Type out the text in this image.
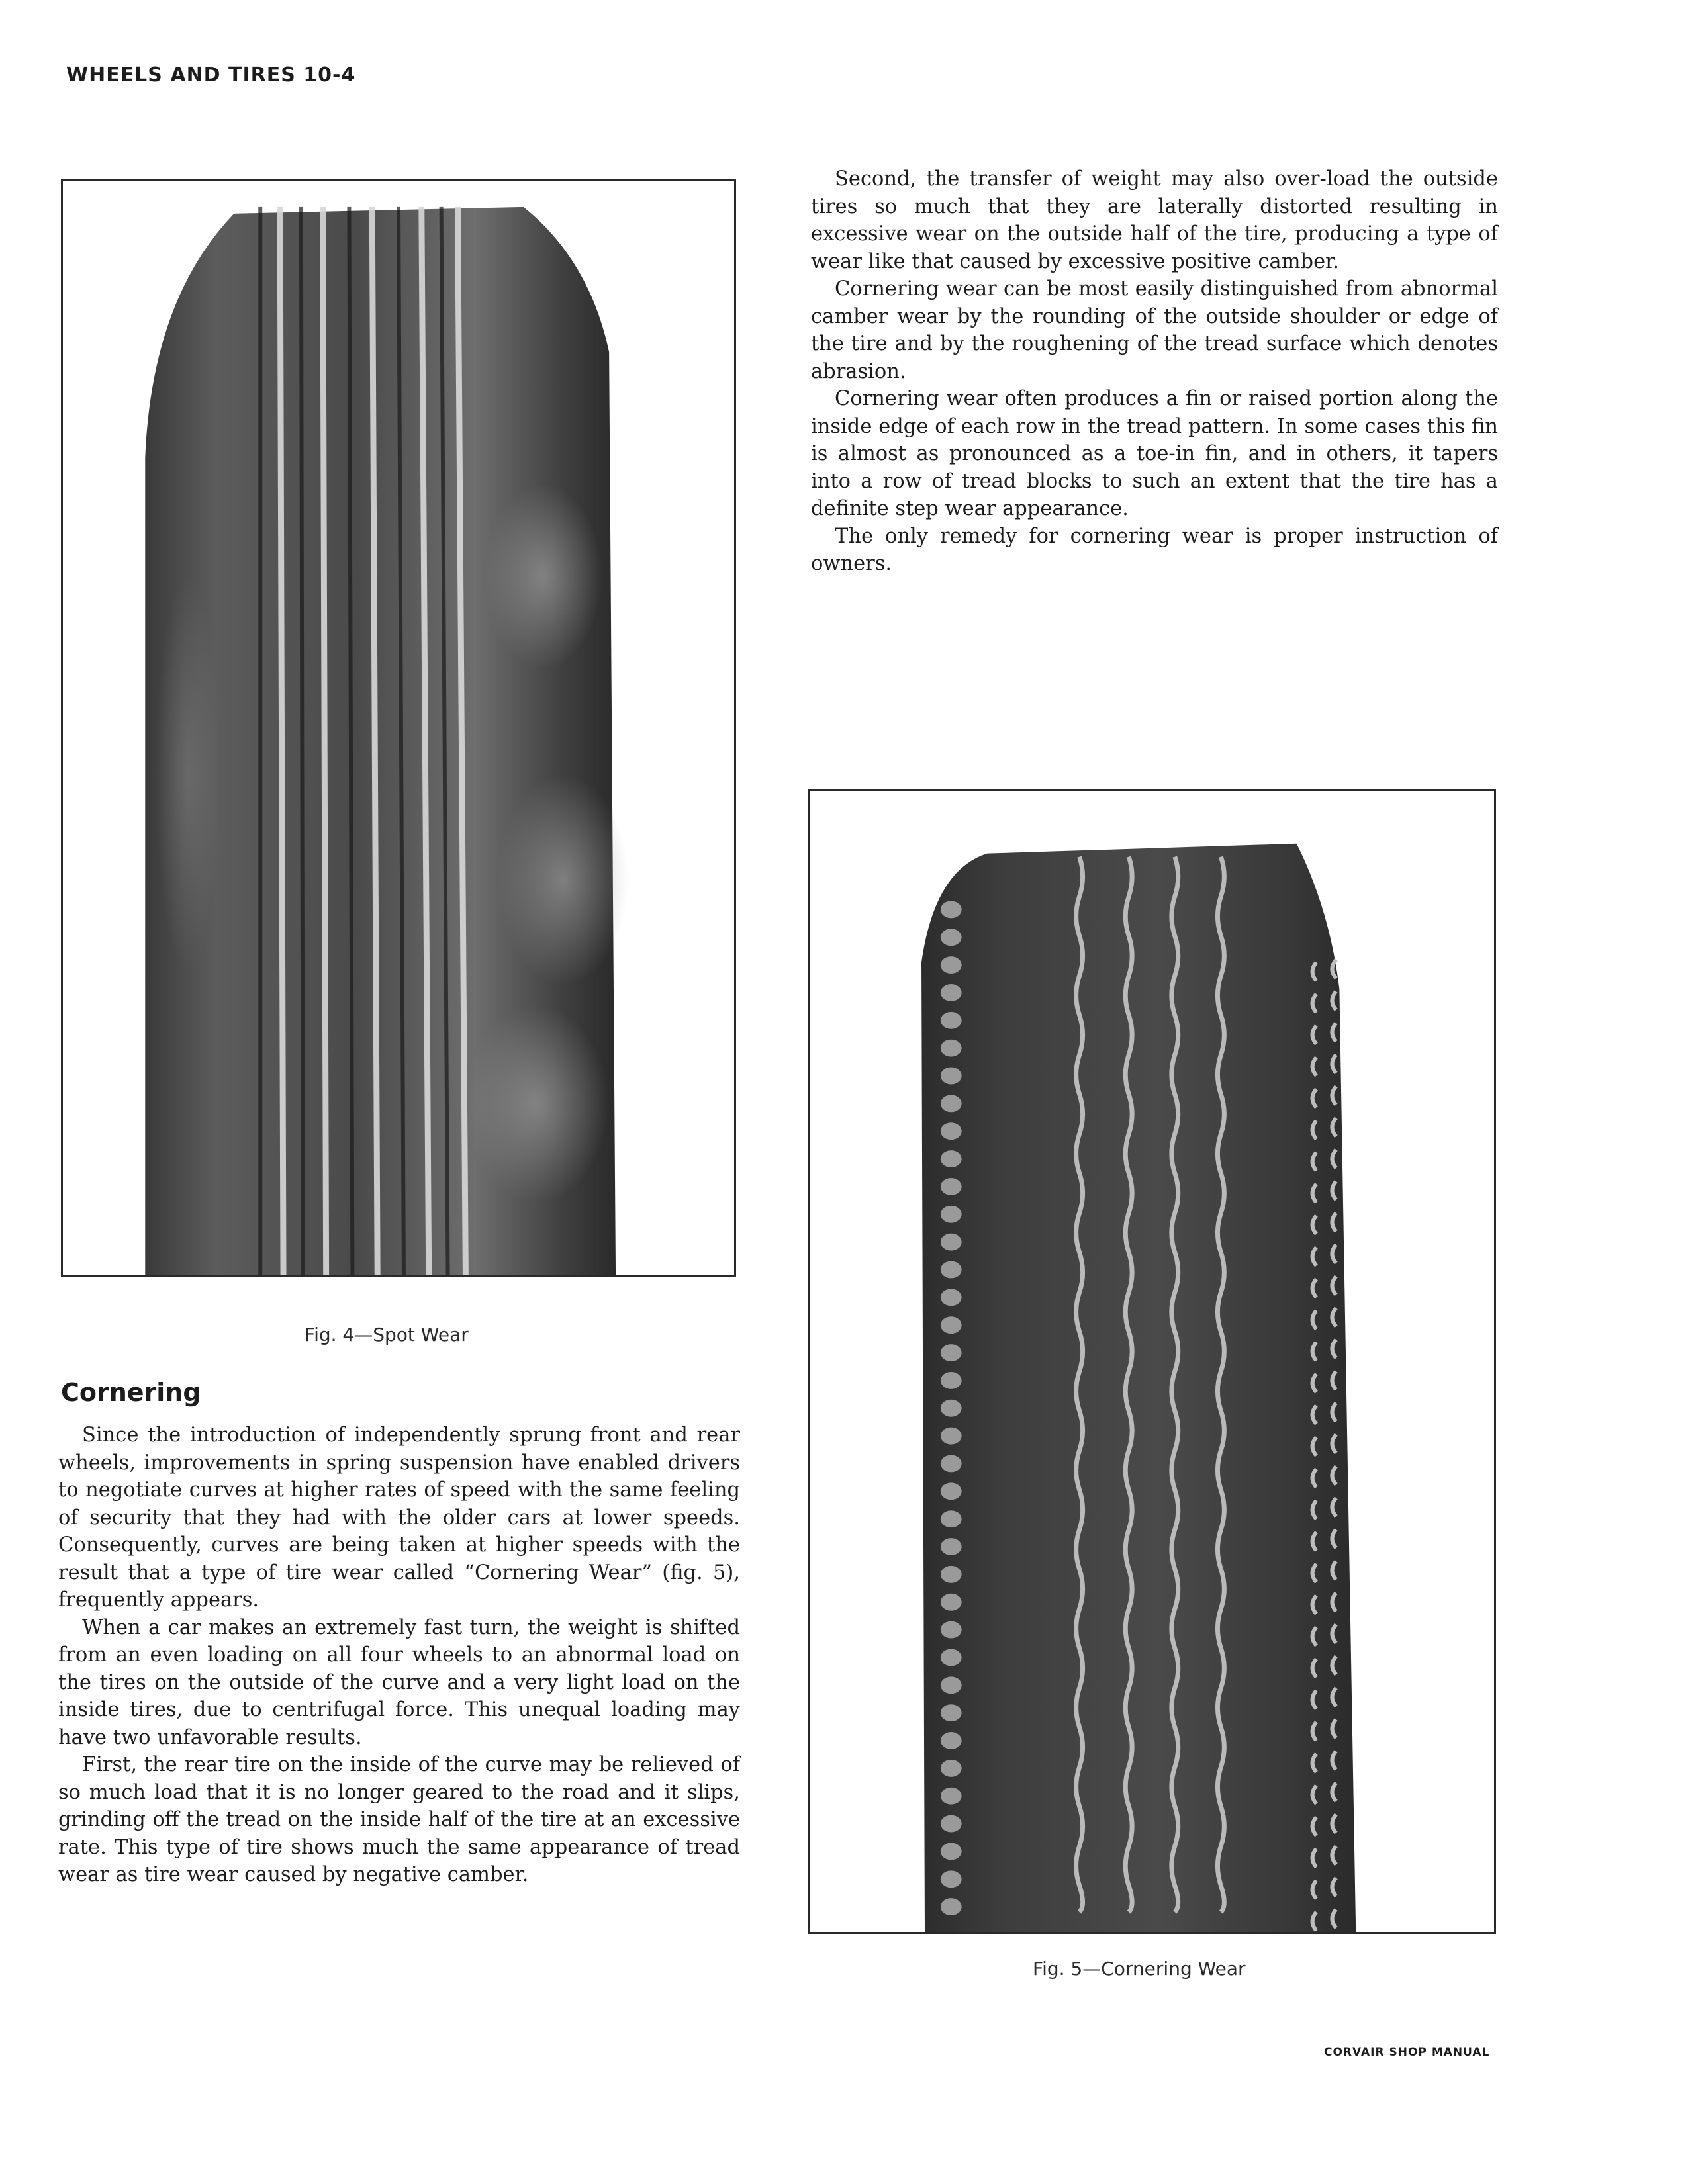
WHEELS AND TIRES 10-4
Fig. 4—Spot Wear
Cornering

Since the introduction of independently sprung front and rear wheels, improvements in spring suspension have enabled drivers to negotiate curves at higher rates of speed with the same feeling of security that they had with the older cars at lower speeds. Consequently, curves are being taken at higher speeds with the result that a type of tire wear called “Cornering Wear” (fig. 5), frequently appears.

When a car makes an extremely fast turn, the weight is shifted from an even loading on all four wheels to an abnormal load on the tires on the outside of the curve and a very light load on the inside tires, due to centrifugal force. This unequal loading may have two unfavorable results.

First, the rear tire on the inside of the curve may be relieved of so much load that it is no longer geared to the road and it slips, grinding off the tread on the inside half of the tire at an excessive rate. This type of tire shows much the same appearance of tread wear as tire wear caused by negative camber.

Second, the transfer of weight may also over-load the outside tires so much that they are laterally distorted resulting in excessive wear on the outside half of the tire, producing a type of wear like that caused by excessive positive camber.

Cornering wear can be most easily distinguished from abnormal camber wear by the rounding of the outside shoulder or edge of the tire and by the roughening of the tread surface which denotes abrasion.

Cornering wear often produces a fin or raised portion along the inside edge of each row in the tread pattern. In some cases this fin is almost as pronounced as a toe-in fin, and in others, it tapers into a row of tread blocks to such an extent that the tire has a definite step wear appearance.

The only remedy for cornering wear is proper instruction of owners.

Fig. 5—Cornering Wear
CORVAIR SHOP MANUAL
